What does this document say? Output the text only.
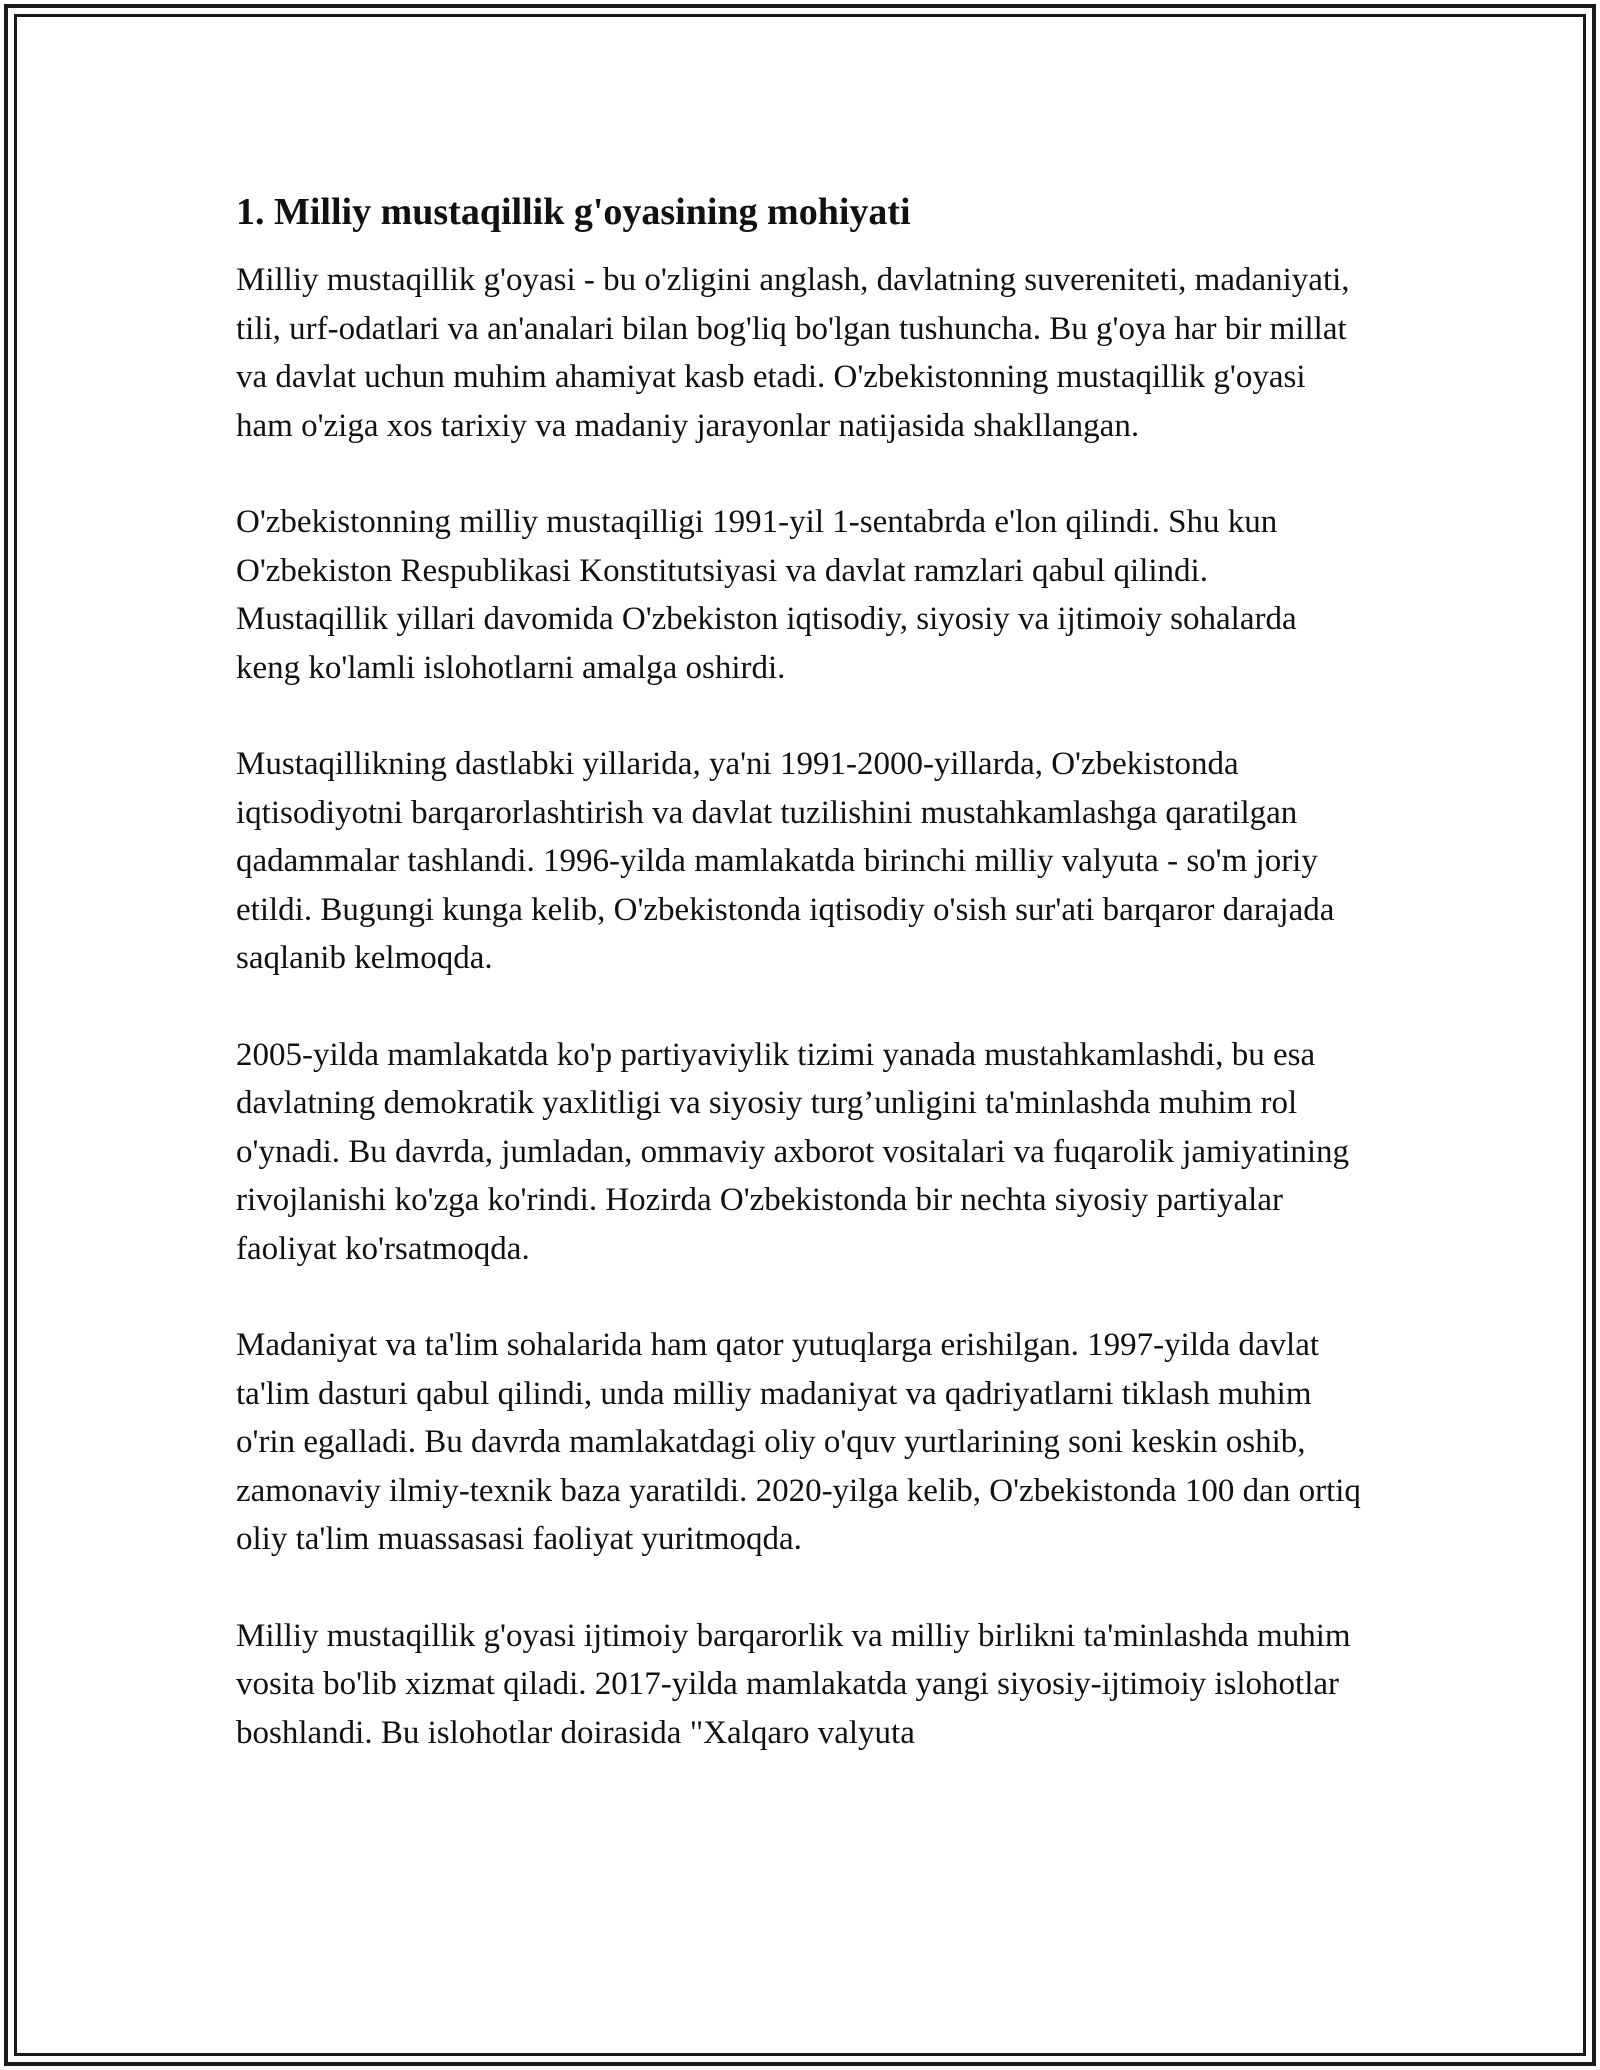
1. Milliy mustaqillik g'oyasining mohiyati

Milliy mustaqillik g'oyasi - bu o'zligini anglash, davlatning suvereniteti, madaniyati, tili, urf-odatlari va an'analari bilan bog'liq bo'lgan tushuncha. Bu g'oya har bir millat va davlat uchun muhim ahamiyat kasb etadi. O'zbekistonning mustaqillik g'oyasi ham o'ziga xos tarixiy va madaniy jarayonlar natijasida shakllangan.

O'zbekistonning milliy mustaqilligi 1991-yil 1-sentabrda e'lon qilindi. Shu kun O'zbekiston Respublikasi Konstitutsiyasi va davlat ramzlari qabul qilindi. Mustaqillik yillari davomida O'zbekiston iqtisodiy, siyosiy va ijtimoiy sohalarda keng ko'lamli islohotlarni amalga oshirdi.

Mustaqillikning dastlabki yillarida, ya'ni 1991-2000-yillarda, O'zbekistonda iqtisodiyotni barqarorlashtirish va davlat tuzilishini mustahkamlashga qaratilgan qadammalar tashlandi. 1996-yilda mamlakatda birinchi milliy valyuta - so'm joriy etildi. Bugungi kunga kelib, O'zbekistonda iqtisodiy o'sish sur'ati barqaror darajada saqlanib kelmoqda.

2005-yilda mamlakatda ko'p partiyaviylik tizimi yanada mustahkamlashdi, bu esa davlatning demokratik yaxlitligi va siyosiy turg’unligini ta'minlashda muhim rol o'ynadi. Bu davrda, jumladan, ommaviy axborot vositalari va fuqarolik jamiyatining rivojlanishi ko'zga ko'rindi. Hozirda O'zbekistonda bir nechta siyosiy partiyalar faoliyat ko'rsatmoqda.

Madaniyat va ta'lim sohalarida ham qator yutuqlarga erishilgan. 1997-yilda davlat ta'lim dasturi qabul qilindi, unda milliy madaniyat va qadriyatlarni tiklash muhim o'rin egalladi. Bu davrda mamlakatdagi oliy o'quv yurtlarining soni keskin oshib, zamonaviy ilmiy-texnik baza yaratildi. 2020-yilga kelib, O'zbekistonda 100 dan ortiq oliy ta'lim muassasasi faoliyat yuritmoqda.

Milliy mustaqillik g'oyasi ijtimoiy barqarorlik va milliy birlikni ta'minlashda muhim vosita bo'lib xizmat qiladi. 2017-yilda mamlakatda yangi siyosiy-ijtimoiy islohotlar boshlandi. Bu islohotlar doirasida "Xalqaro valyuta
